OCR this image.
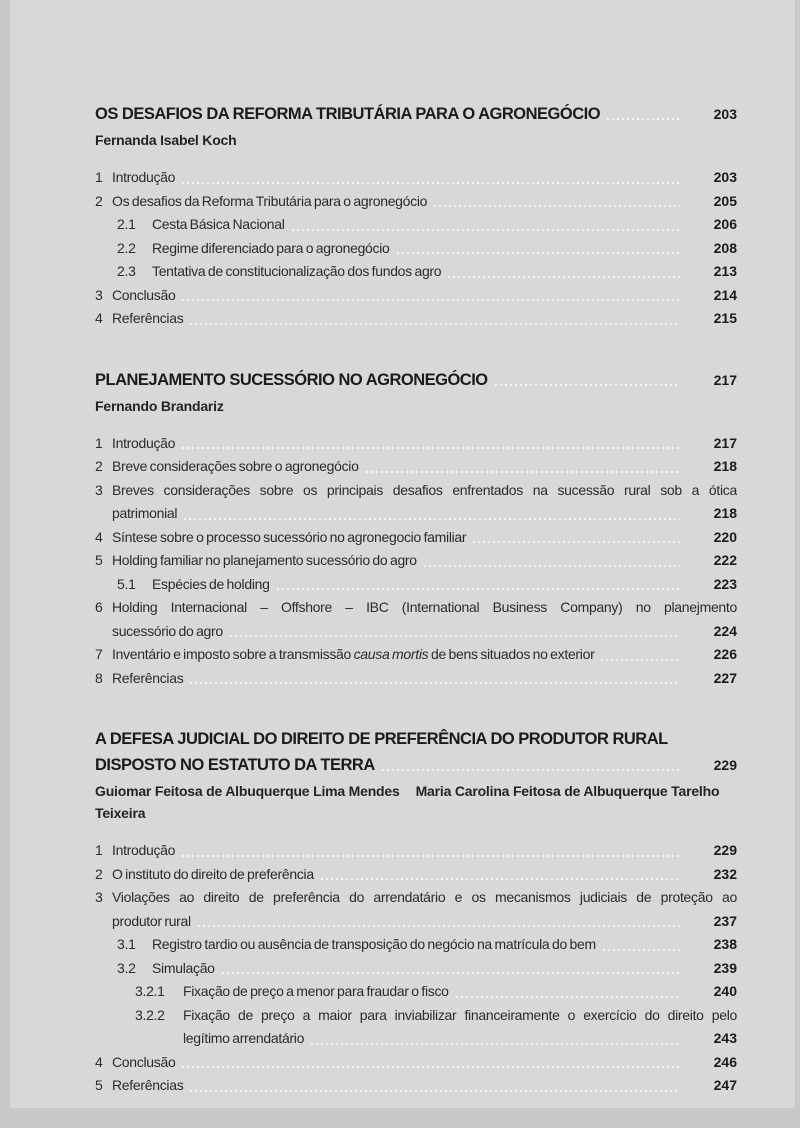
OS DESAFIOS DA REFORMA TRIBUTÁRIA PARA O AGRONEGÓCIO	203
Fernanda Isabel Koch
1 Introdução	203
2 Os desafios da Reforma Tributária para o agronegócio	205
2.1	Cesta Básica Nacional	206
2.2	Regime diferenciado para o agronegócio	208
2.3	Tentativa de constitucionalização dos fundos agro	213
3 Conclusão	214
4 Referências	215
PLANEJAMENTO SUCESSÓRIO NO AGRONEGÓCIO	217
Fernando Brandariz
1 Introdução	217
2 Breve considerações sobre o agronegócio	218
3 Breves considerações sobre os principais desafios enfrentados na sucessão rural sob a ótica
patrimonial	218
4 Síntese sobre o processo sucessório no agronegocio familiar	220
5 Holding familiar no planejamento sucessório do agro	222
5.1	Espécies de holding	223
6 Holding Internacional – Offshore – IBC (International Business Company) no planejmento
sucessório do agro	224
7 Inventário e imposto sobre a transmissão causa mortis de bens situados no exterior	226
8 Referências	227
A DEFESA JUDICIAL DO DIREITO DE PREFERÊNCIA DO PRODUTOR RURAL
DISPOSTO NO ESTATUTO DA TERRA	229
Guiomar Feitosa de Albuquerque Lima Mendes Maria Carolina Feitosa de Albuquerque Tarelho Teixeira
1 Introdução	229
2 O instituto do direito de preferência	232
3 Violações ao direito de preferência do arrendatário e os mecanismos judiciais de proteção ao
produtor rural	237
3.1	Registro tardio ou ausência de transposição do negócio na matrícula do bem	238
3.2	Simulação	239
3.2.1	Fixação de preço a menor para fraudar o fisco	240
3.2.2	Fixação de preço a maior para inviabilizar financeiramente o exercício do direito pelo
legítimo arrendatário	243
4 Conclusão	246
5 Referências	247
